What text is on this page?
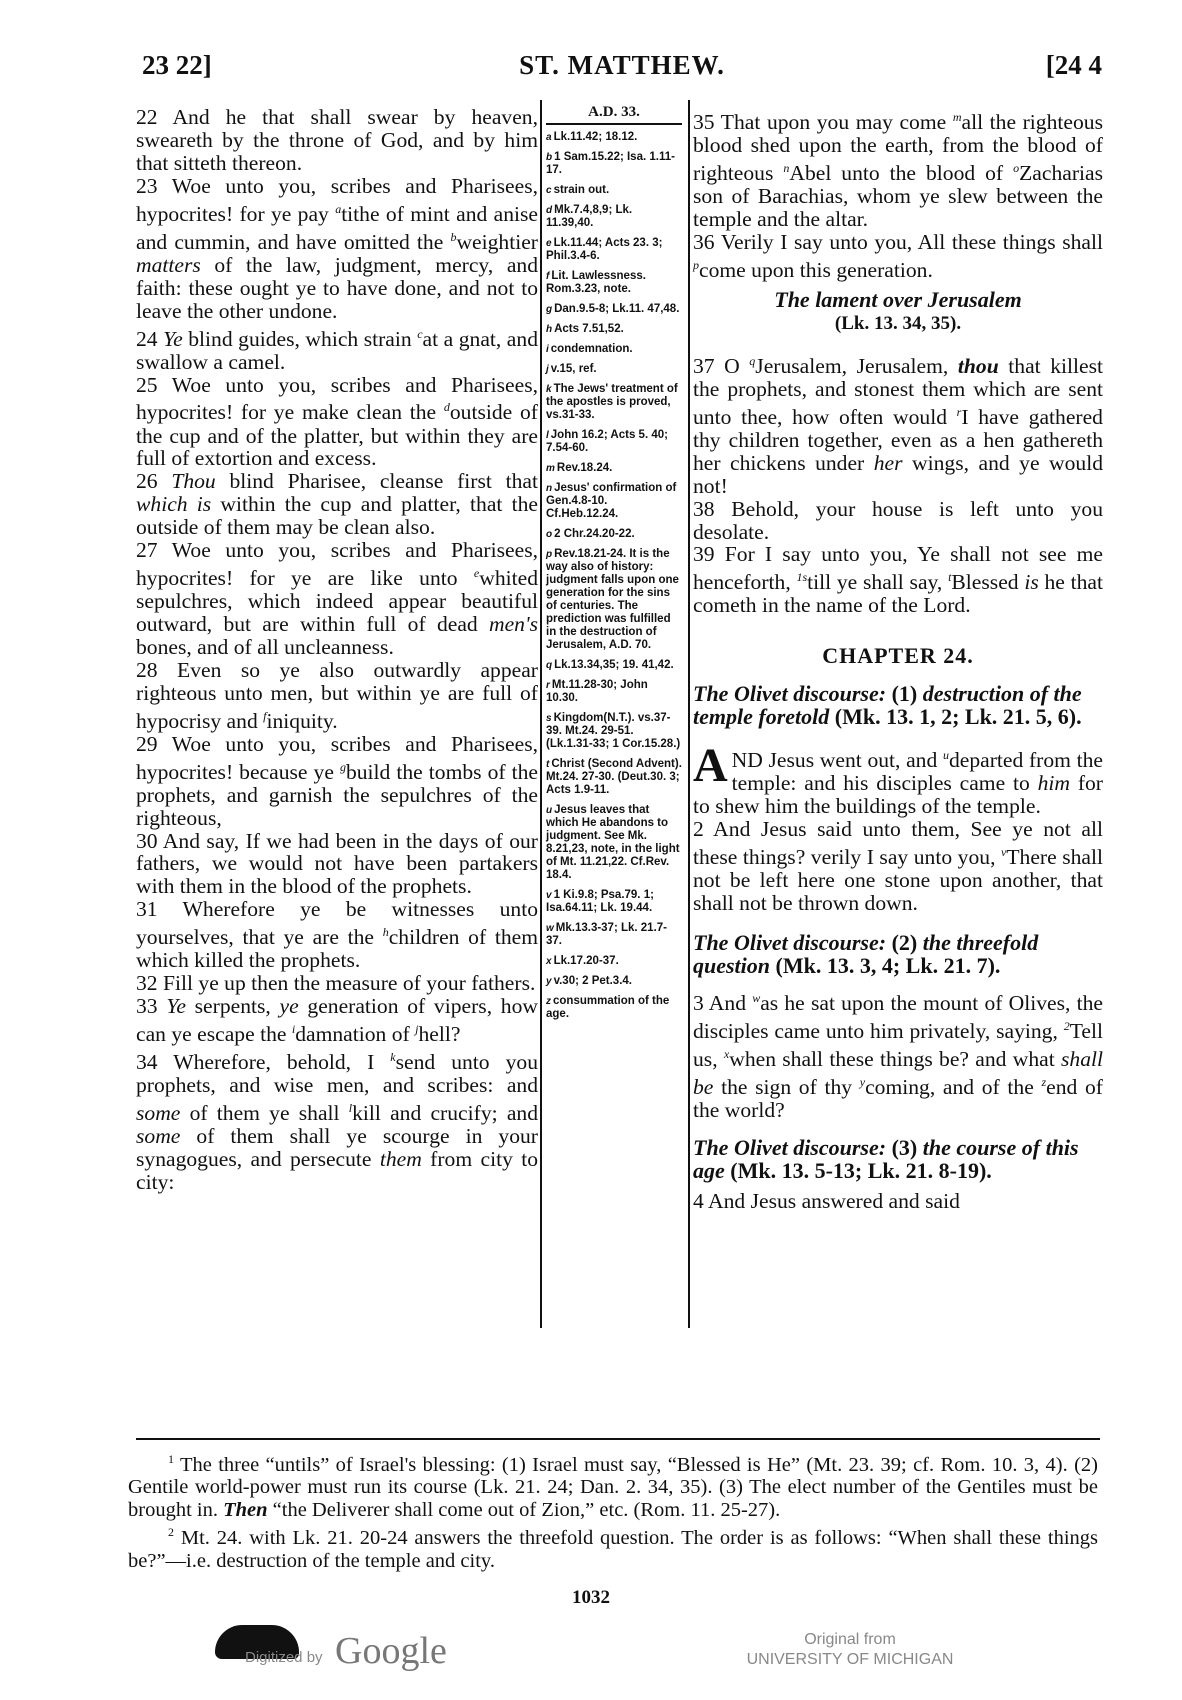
23 22]	ST. MATTHEW.	[24 4

22 And he that shall swear by heaven, sweareth by the throne of God, and by him that sitteth thereon.

23 Woe unto you, scribes and Pharisees, hypocrites! for ye pay $^a$tithe of mint and anise and cummin, and have omitted the $^b$weightier matters of the law, judgment, mercy, and faith: these ought ye to have done, and not to leave the other undone.

24 Ye blind guides, which strain $^c$at a gnat, and swallow a camel.

25 Woe unto you, scribes and Pharisees, hypocrites! for ye make clean the $^d$outside of the cup and of the platter, but within they are full of extortion and excess.

26 Thou blind Pharisee, cleanse first that which is within the cup and platter, that the outside of them may be clean also.

27 Woe unto you, scribes and Pharisees, hypocrites! for ye are like unto $^e$whited sepulchres, which indeed appear beautiful outward, but are within full of dead men's bones, and of all uncleanness.

28 Even so ye also outwardly appear righteous unto men, but within ye are full of hypocrisy and $^f$iniquity.

29 Woe unto you, scribes and Pharisees, hypocrites! because ye $^g$build the tombs of the prophets, and garnish the sepulchres of the righteous,

30 And say, If we had been in the days of our fathers, we would not have been partakers with them in the blood of the prophets.

31 Wherefore ye be witnesses unto yourselves, that ye are the $^h$children of them which killed the prophets.

32 Fill ye up then the measure of your fathers.

33 Ye serpents, ye generation of vipers, how can ye escape the $^i$damnation of $^j$hell?

34 Wherefore, behold, I $^k$send unto you prophets, and wise men, and scribes: and some of them ye shall $^l$kill and crucify; and some of them shall ye scourge in your synagogues, and persecute them from city to city:

A.D. 33.
a Lk.11.42; 18.12.
b 1 Sam.15.22; Isa. 1.11-17.
c strain out.
d Mk.7.4,8,9; Lk. 11.39,40.
e Lk.11.44; Acts 23. 3; Phil.3.4-6.
f Lit. Lawlessness. Rom.3.23, note.
g Dan.9.5-8; Lk.11. 47,48.
h Acts 7.51,52.
i condemnation.
j v.15, ref.
k The Jews' treatment of the apostles is proved, vs.31-33.
l John 16.2; Acts 5. 40; 7.54-60.
m Rev.18.24.
n Jesus' confirmation of Gen.4.8-10. Cf.Heb.12.24.
o 2 Chr.24.20-22.
p Rev.18.21-24. It is the way also of history: judgment falls upon one generation for the sins of centuries. The prediction was fulfilled in the destruction of Jerusalem, A.D. 70.
q Lk.13.34,35; 19. 41,42.
r Mt.11.28-30; John 10.30.
s Kingdom(N.T.). vs.37-39. Mt.24. 29-51. (Lk.1.31-33; 1 Cor.15.28.)
t Christ (Second Advent). Mt.24. 27-30. (Deut.30. 3; Acts 1.9-11.
u Jesus leaves that which He abandons to judgment. See Mk. 8.21,23, note, in the light of Mt. 11.21,22. Cf.Rev. 18.4.
v 1 Ki.9.8; Psa.79. 1; Isa.64.11; Lk. 19.44.
w Mk.13.3-37; Lk. 21.7-37.
x Lk.17.20-37.
y v.30; 2 Pet.3.4.
z consummation of the age.

35 That upon you may come $^m$all the righteous blood shed upon the earth, from the blood of righteous $^n$Abel unto the blood of $^o$Zacharias son of Barachias, whom ye slew between the temple and the altar.

36 Verily I say unto you, All these things shall $^p$come upon this generation.

The lament over Jerusalem
(Lk. 13. 34, 35).

37 O $^q$Jerusalem, Jerusalem, thou that killest the prophets, and stonest them which are sent unto thee, how often would $^r$I have gathered thy children together, even as a hen gathereth her chickens under her wings, and ye would not!

38 Behold, your house is left unto you desolate.

39 For I say unto you, Ye shall not see me henceforth, $^{1s}$till ye shall say, $^t$Blessed is he that cometh in the name of the Lord.

CHAPTER 24.
The Olivet discourse: (1) destruction of the temple foretold (Mk. 13. 1, 2; Lk. 21. 5, 6).

AND Jesus went out, and $^u$departed from the temple: and his disciples came to him for to shew him the buildings of the temple.

2 And Jesus said unto them, See ye not all these things? verily I say unto you, $^v$There shall not be left here one stone upon another, that shall not be thrown down.

The Olivet discourse: (2) the threefold question (Mk. 13. 3, 4; Lk. 21. 7).

3 And $^w$as he sat upon the mount of Olives, the disciples came unto him privately, saying, $^2$Tell us, $^x$when shall these things be? and what shall be the sign of thy $^y$coming, and of the $^z$end of the world?

The Olivet discourse: (3) the course of this age (Mk. 13. 5-13; Lk. 21. 8-19).

4 And Jesus answered and said

$^1$ The three “untils” of Israel's blessing: (1) Israel must say, “Blessed is He” (Mt. 23. 39; cf. Rom. 10. 3, 4). (2) Gentile world-power must run its course (Lk. 21. 24; Dan. 2. 34, 35). (3) The elect number of the Gentiles must be brought in. Then “the Deliverer shall come out of Zion,” etc. (Rom. 11. 25-27).

$^2$ Mt. 24. with Lk. 21. 20-24 answers the threefold question. The order is as follows: “When shall these things be?”—i.e. destruction of the temple and city.

1032
Digitized by Google	Original from
UNIVERSITY OF MICHIGAN
